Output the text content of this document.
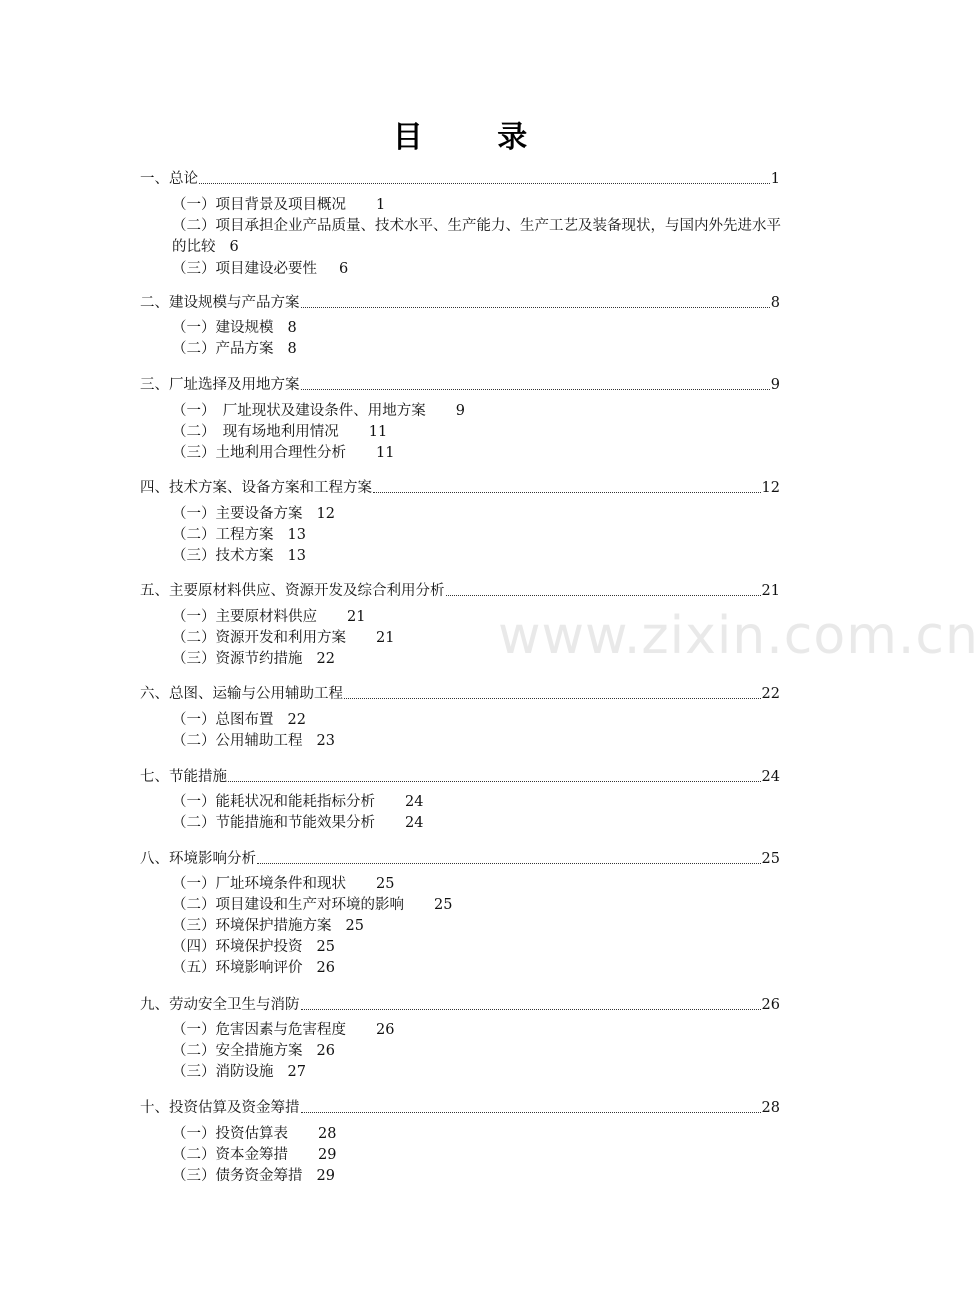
目 录
www.zixin.com.cn
一、总论	1
（一）项目背景及项目概况 1
（二）项目承担企业产品质量、技术水平、生产能力、生产工艺及装备现状，与国内外先进水平的比较 6
（三）项目建设必要性 6
二、建设规模与产品方案	8
（一）建设规模 8
（二）产品方案 8
三、厂址选择及用地方案	9
（一）　厂址现状及建设条件、用地方案 9
（二）　现有场地利用情况 11
（三）土地利用合理性分析 11
四、技术方案、设备方案和工程方案	12
（一）主要设备方案 12
（二）工程方案 13
（三）技术方案 13
五、主要原材料供应、资源开发及综合利用分析	21
（一）主要原材料供应 21
（二）资源开发和利用方案 21
（三）资源节约措施 22
六、总图、运输与公用辅助工程	22
（一）总图布置 22
（二）公用辅助工程 23
七、节能措施	24
（一）能耗状况和能耗指标分析 24
（二）节能措施和节能效果分析 24
八、环境影响分析	25
（一）厂址环境条件和现状 25
（二）项目建设和生产对环境的影响 25
（三）环境保护措施方案 25
（四）环境保护投资 25
（五）环境影响评价 26
九、劳动安全卫生与消防	26
（一）危害因素与危害程度 26
（二）安全措施方案 26
（三）消防设施 27
十、投资估算及资金筹措	28
（一）投资估算表 28
（二）资本金筹措 29
（三）债务资金筹措 29
